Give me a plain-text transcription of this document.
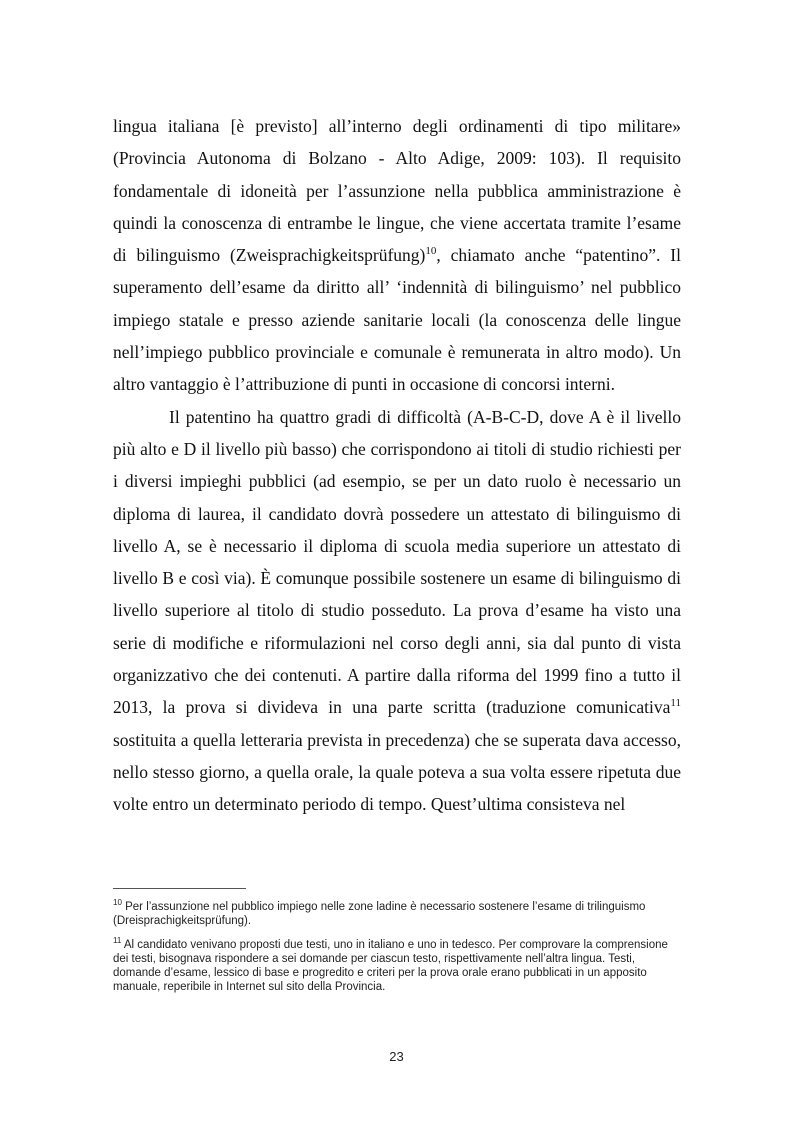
lingua italiana [è previsto] all’interno degli ordinamenti di tipo militare» (Provincia Autonoma di Bolzano - Alto Adige, 2009: 103). Il requisito fondamentale di idoneità per l’assunzione nella pubblica amministrazione è quindi la conoscenza di entrambe le lingue, che viene accertata tramite l’esame di bilinguismo (Zweisprachigkeitsprüfung)$^{10}$, chiamato anche “patentino”. Il superamento dell’esame da diritto all’ ‘indennità di bilinguismo’ nel pubblico impiego statale e presso aziende sanitarie locali (la conoscenza delle lingue nell’impiego pubblico provinciale e comunale è remunerata in altro modo). Un altro vantaggio è l’attribuzione di punti in occasione di concorsi interni.

Il patentino ha quattro gradi di difficoltà (A-B-C-D, dove A è il livello più alto e D il livello più basso) che corrispondono ai titoli di studio richiesti per i diversi impieghi pubblici (ad esempio, se per un dato ruolo è necessario un diploma di laurea, il candidato dovrà possedere un attestato di bilinguismo di livello A, se è necessario il diploma di scuola media superiore un attestato di livello B e così via). È comunque possibile sostenere un esame di bilinguismo di livello superiore al titolo di studio posseduto. La prova d’esame ha visto una serie di modifiche e riformulazioni nel corso degli anni, sia dal punto di vista organizzativo che dei contenuti. A partire dalla riforma del 1999 fino a tutto il 2013, la prova si divideva in una parte scritta (traduzione comunicativa$^{11}$ sostituita a quella letteraria prevista in precedenza) che se superata dava accesso, nello stesso giorno, a quella orale, la quale poteva a sua volta essere ripetuta due volte entro un determinato periodo di tempo. Quest’ultima consisteva nel

$^{10}$ Per l’assunzione nel pubblico impiego nelle zone ladine è necessario sostenere l’esame di trilinguismo (Dreisprachigkeitsprüfung).

$^{11}$ Al candidato venivano proposti due testi, uno in italiano e uno in tedesco. Per comprovare la comprensione dei testi, bisognava rispondere a sei domande per ciascun testo, rispettivamente nell’altra lingua. Testi, domande d’esame, lessico di base e progredito e criteri per la prova orale erano pubblicati in un apposito manuale, reperibile in Internet sul sito della Provincia.

23
